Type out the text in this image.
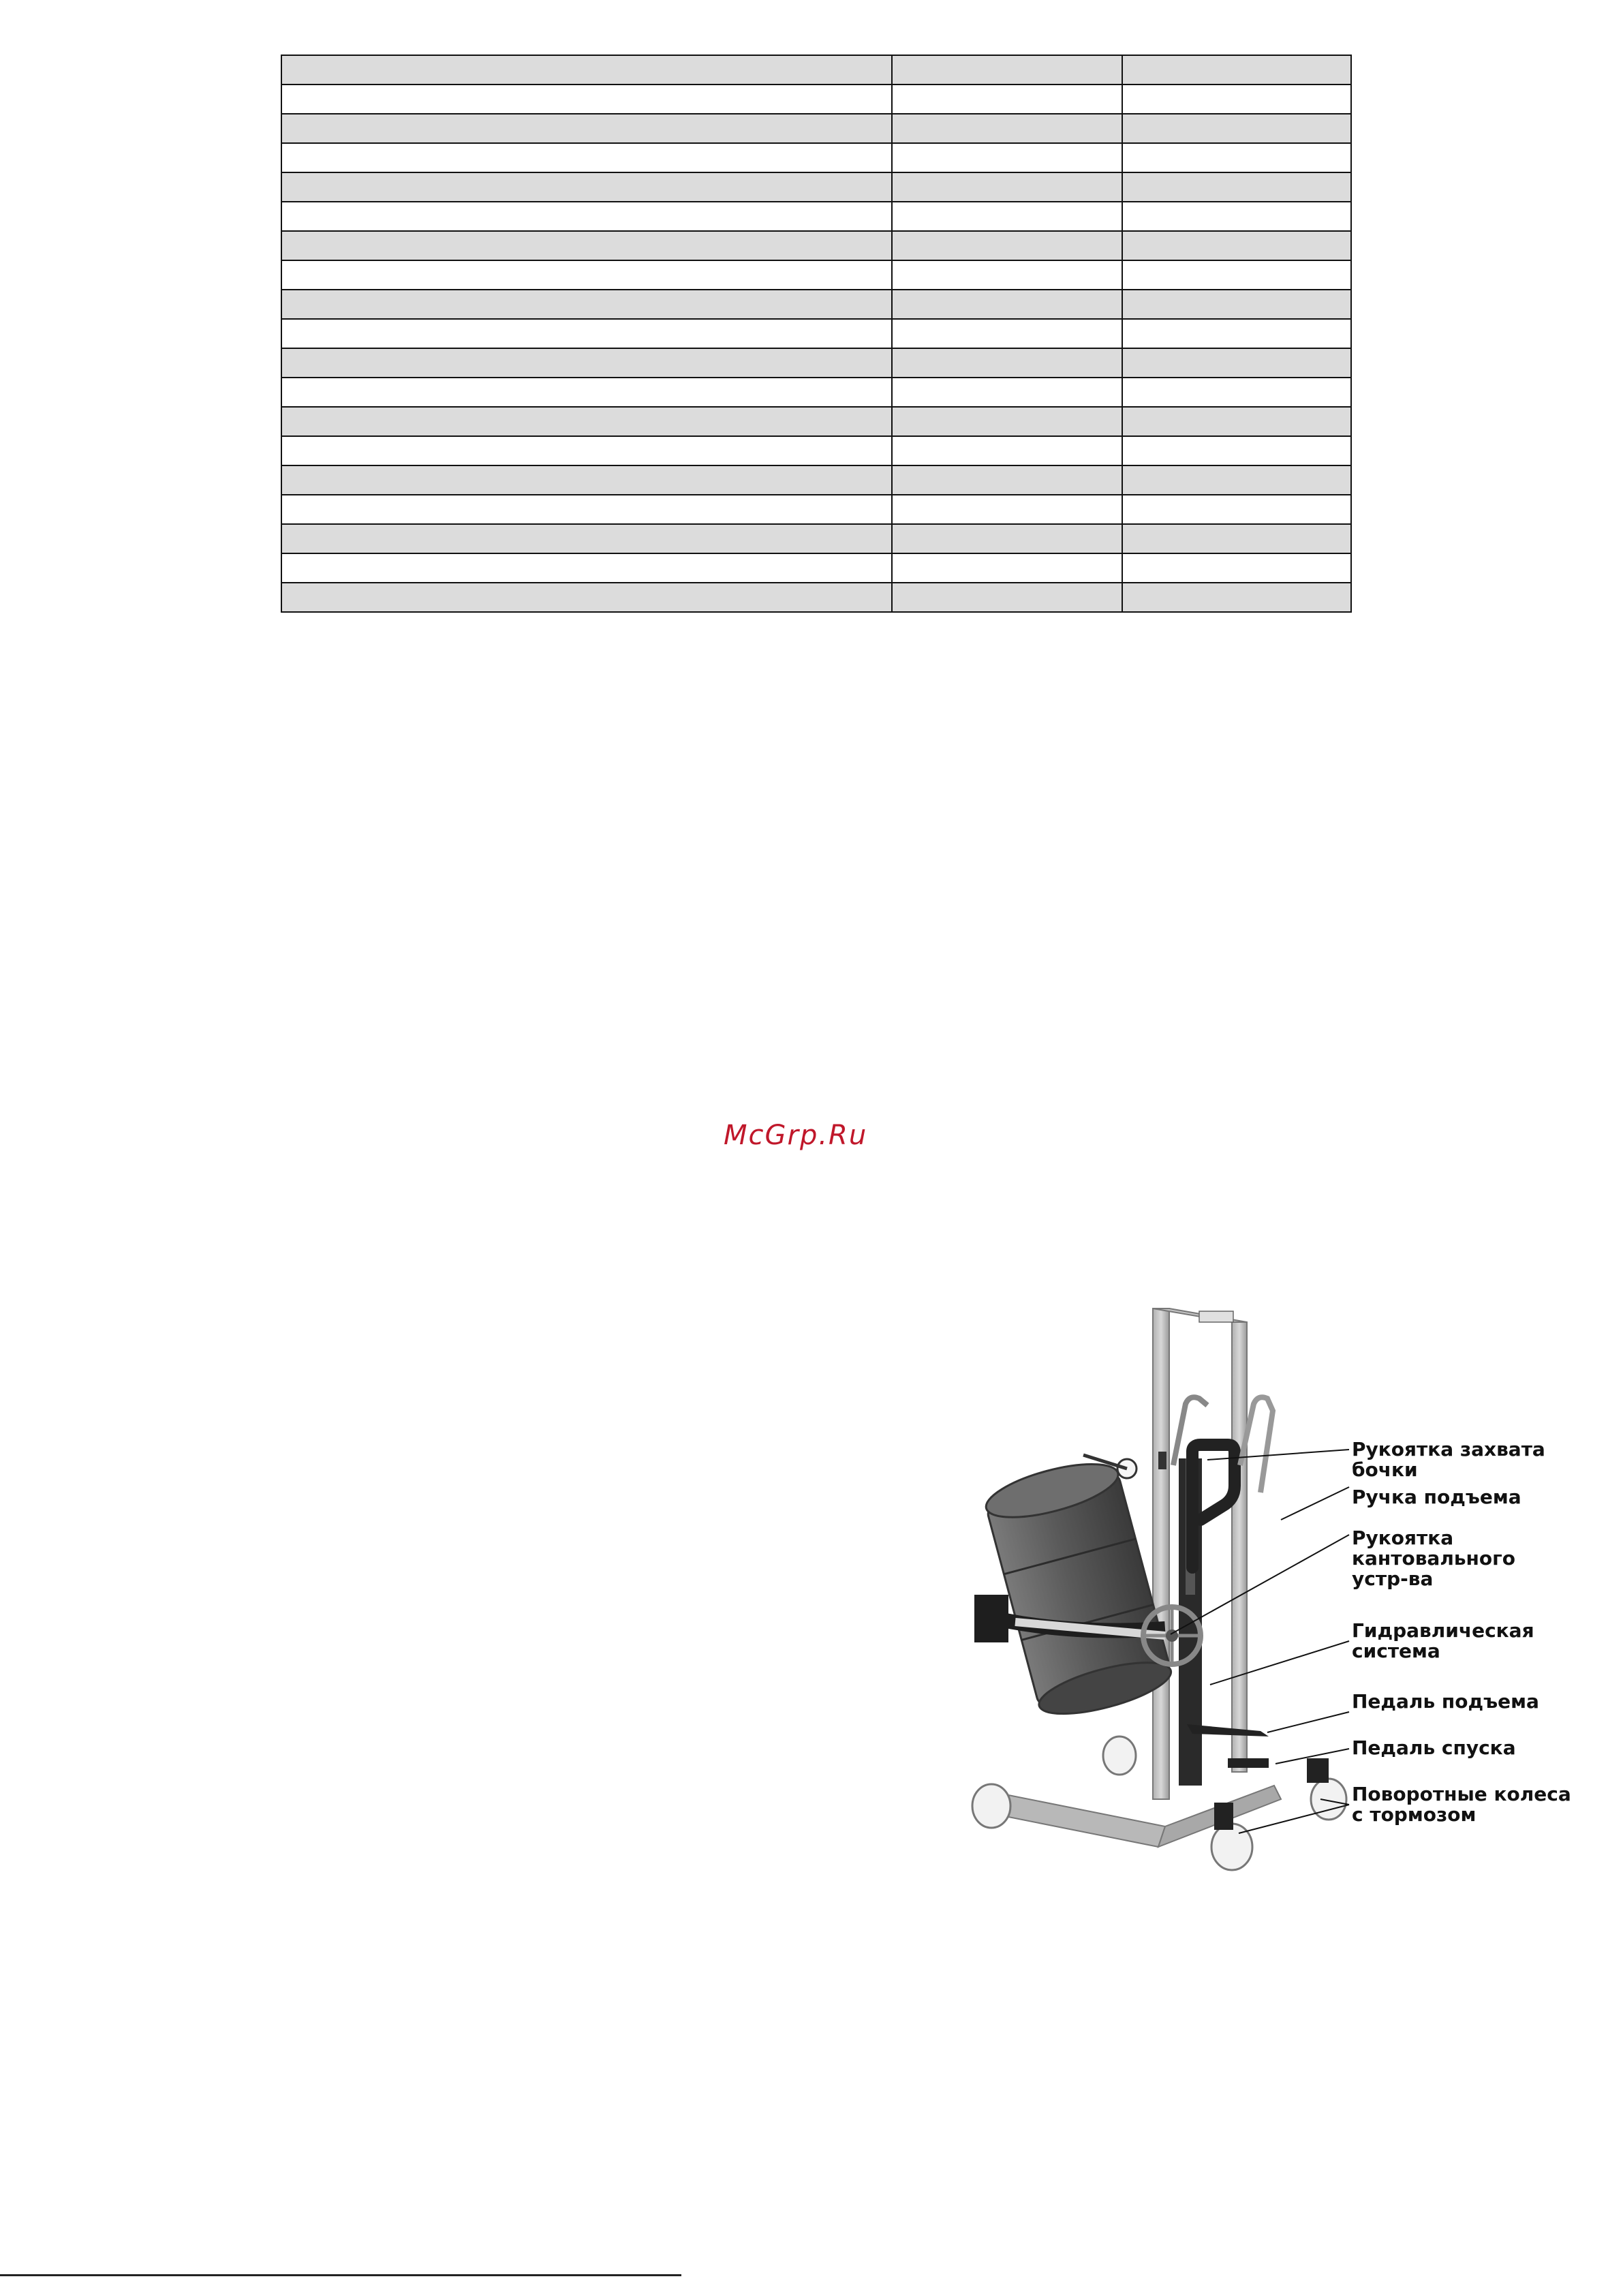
McGrp.Ru
Рукоятка захвата
бочки
Ручка подъема
Рукоятка
кантовального
устр-ва
Гидравлическая
система
Педаль подъема
Педаль спуска
Поворотные колеса
с тормозом
